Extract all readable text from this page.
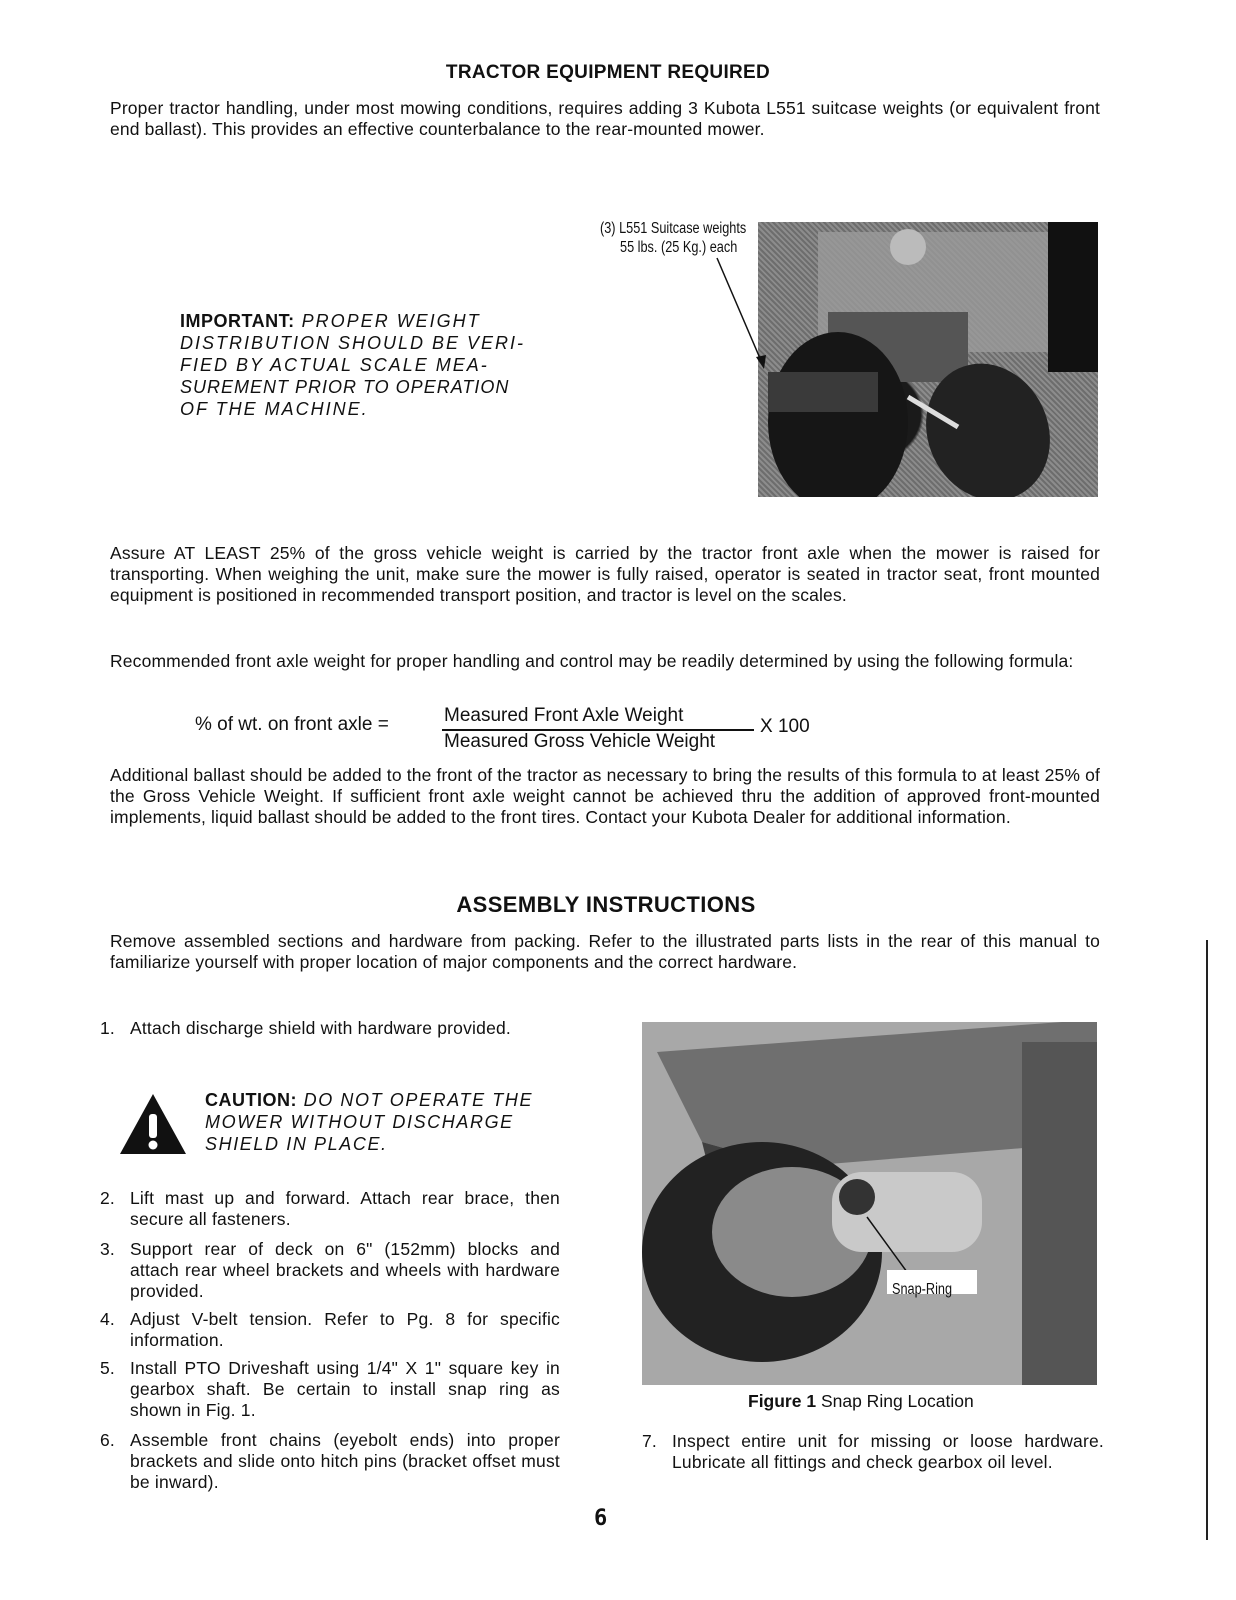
TRACTOR EQUIPMENT REQUIRED
Proper tractor handling, under most mowing conditions, requires adding 3 Kubota L551 suitcase weights (or equivalent front end ballast). This provides an effective counterbalance to the rear-mounted mower.
(3) L551 Suitcase weights
55 lbs. (25 Kg.) each
IMPORTANT: PROPER WEIGHT
DISTRIBUTION SHOULD BE VERI-
FIED BY ACTUAL SCALE MEA-
SUREMENT PRIOR TO OPERATION
OF THE MACHINE.
Assure AT LEAST 25% of the gross vehicle weight is carried by the tractor front axle when the mower is raised for transporting. When weighing the unit, make sure the mower is fully raised, operator is seated in tractor seat, front mounted equipment is positioned in recommended transport position, and tractor is level on the scales.
Recommended front axle weight for proper handling and control may be readily determined by using the following formula:
% of wt. on front axle =	Measured Front Axle Weight
Measured Gross Vehicle Weight
X 100
Additional ballast should be added to the front of the tractor as necessary to bring the results of this formula to at least 25% of the Gross Vehicle Weight. If sufficient front axle weight cannot be achieved thru the addition of approved front-mounted implements, liquid ballast should be added to the front tires. Contact your Kubota Dealer for additional information.
ASSEMBLY INSTRUCTIONS
Remove assembled sections and hardware from packing. Refer to the illustrated parts lists in the rear of this manual to familiarize yourself with proper location of major components and the correct hardware.
1. Attach discharge shield with hardware provided.
CAUTION: DO NOT OPERATE THE
MOWER WITHOUT DISCHARGE
SHIELD IN PLACE.
2. Lift mast up and forward. Attach rear brace, then secure all fasteners.
3. Support rear of deck on 6" (152mm) blocks and attach rear wheel brackets and wheels with hardware provided.
4. Adjust V-belt tension. Refer to Pg. 8 for specific information.
5. Install PTO Driveshaft using 1/4" X 1" square key in gearbox shaft. Be certain to install snap ring as shown in Fig. 1.
6. Assemble front chains (eyebolt ends) into proper brackets and slide onto hitch pins (bracket offset must be inward).
Snap-Ring
Figure 1 Snap Ring Location
7. Inspect entire unit for missing or loose hardware. Lubricate all fittings and check gearbox oil level.
6
